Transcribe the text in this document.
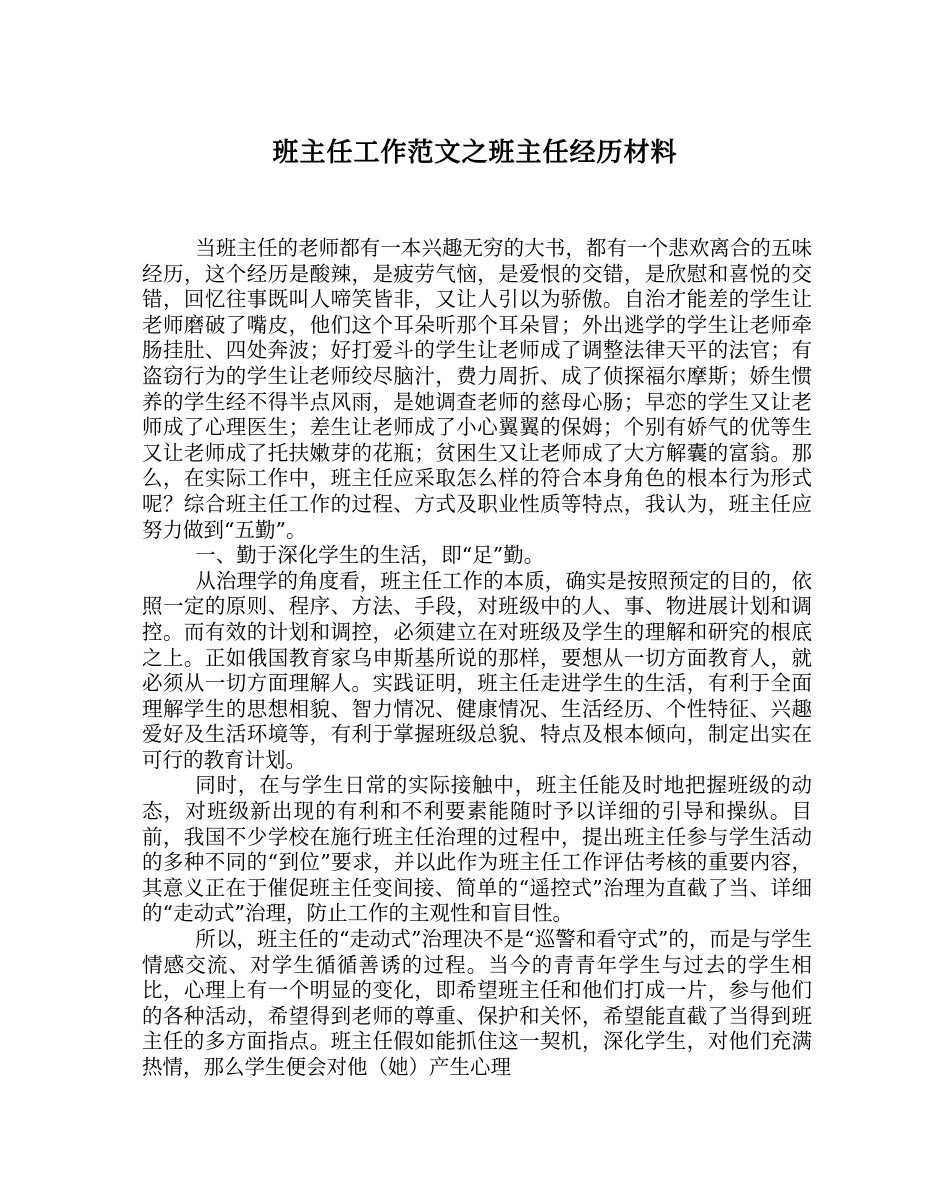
班主任工作范文之班主任经历材料

当班主任的老师都有一本兴趣无穷的大书，都有一个悲欢离合的五味经历，这个经历是酸辣，是疲劳气恼，是爱恨的交错，是欣慰和喜悦的交错，回忆往事既叫人啼笑皆非，又让人引以为骄傲。自治才能差的学生让老师磨破了嘴皮，他们这个耳朵听那个耳朵冒；外出逃学的学生让老师牵肠挂肚、四处奔波；好打爱斗的学生让老师成了调整法律天平的法官；有盗窃行为的学生让老师绞尽脑汁，费力周折、成了侦探福尔摩斯；娇生惯养的学生经不得半点风雨，是她调查老师的慈母心肠；早恋的学生又让老师成了心理医生；差生让老师成了小心翼翼的保姆；个别有娇气的优等生又让老师成了托扶嫩芽的花瓶；贫困生又让老师成了大方解囊的富翁。那么，在实际工作中，班主任应采取怎么样的符合本身角色的根本行为形式呢？综合班主任工作的过程、方式及职业性质等特点，我认为，班主任应努力做到“五勤”。

一、勤于深化学生的生活，即“足”勤。

从治理学的角度看，班主任工作的本质，确实是按照预定的目的，依照一定的原则、程序、方法、手段，对班级中的人、事、物进展计划和调控。而有效的计划和调控，必须建立在对班级及学生的理解和研究的根底之上。正如俄国教育家乌申斯基所说的那样，要想从一切方面教育人，就必须从一切方面理解人。实践证明，班主任走进学生的生活，有利于全面理解学生的思想相貌、智力情况、健康情况、生活经历、个性特征、兴趣爱好及生活环境等，有利于掌握班级总貌、特点及根本倾向，制定出实在可行的教育计划。

同时，在与学生日常的实际接触中，班主任能及时地把握班级的动态，对班级新出现的有利和不利要素能随时予以详细的引导和操纵。目前，我国不少学校在施行班主任治理的过程中，提出班主任参与学生活动的多种不同的“到位”要求，并以此作为班主任工作评估考核的重要内容，其意义正在于催促班主任变间接、简单的“遥控式”治理为直截了当、详细的“走动式”治理，防止工作的主观性和盲目性。

所以，班主任的“走动式”治理决不是“巡警和看守式”的，而是与学生情感交流、对学生循循善诱的过程。当今的青青年学生与过去的学生相比，心理上有一个明显的变化，即希望班主任和他们打成一片，参与他们的各种活动，希望得到老师的尊重、保护和关怀，希望能直截了当得到班主任的多方面指点。班主任假如能抓住这一契机，深化学生，对他们充满热情，那么学生便会对他（她）产生心理
